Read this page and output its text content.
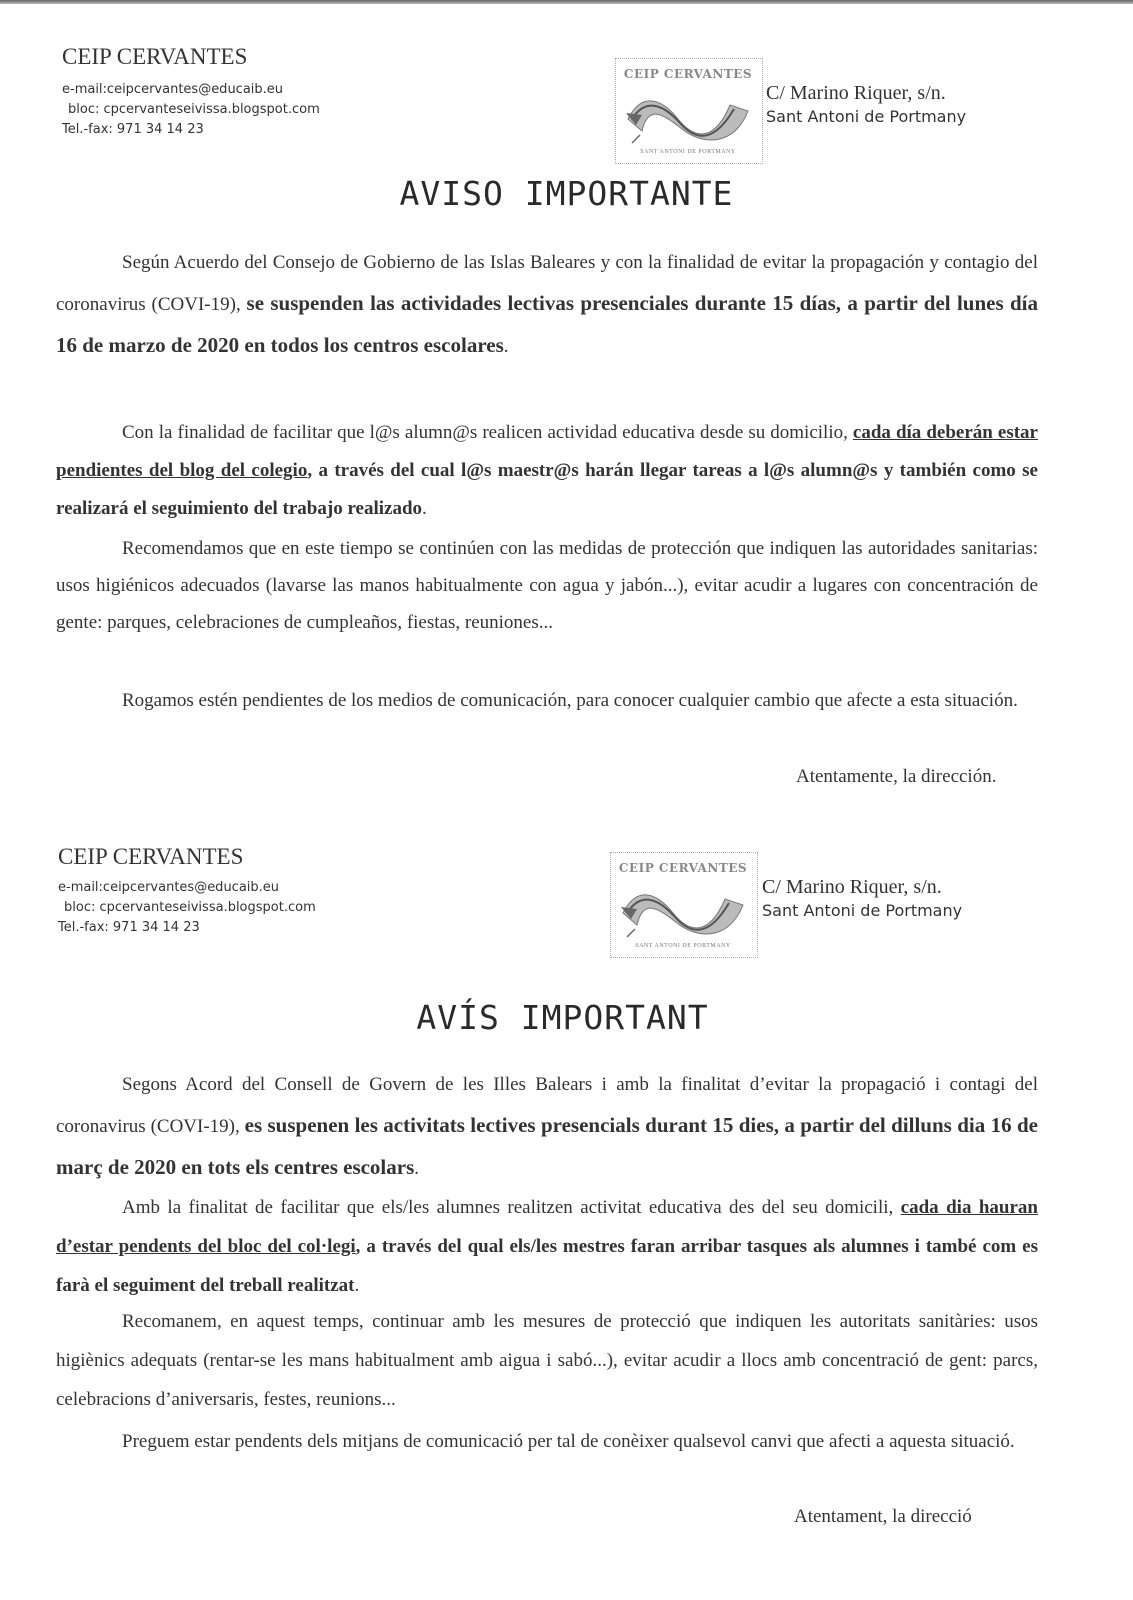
CEIP CERVANTES
e-mail:ceipcervantes@educaib.eu
bloc: cpcervanteseivissa.blogspot.com
Tel.-fax: 971 34 14 23
CEIP CERVANTES
SANT ANTONI DE PORTMANY
C/ Marino Riquer, s/n.
Sant Antoni de Portmany
AVISO IMPORTANTE

Según Acuerdo del Consejo de Gobierno de las Islas Baleares y con la finalidad de evitar la propagación y contagio del coronavirus (COVI-19), se suspenden las actividades lectivas presenciales durante 15 días, a partir del lunes día 16 de marzo de 2020 en todos los centros escolares.

Con la finalidad de facilitar que l@s alumn@s realicen actividad educativa desde su domicilio, cada día deberán estar pendientes del blog del colegio, a través del cual l@s maestr@s harán llegar tareas a l@s alumn@s y también como se realizará el seguimiento del trabajo realizado.

Recomendamos que en este tiempo se continúen con las medidas de protección que indiquen las autoridades sanitarias: usos higiénicos adecuados (lavarse las manos habitualmente con agua y jabón...), evitar acudir a lugares con concentración de gente: parques, celebraciones de cumpleaños, fiestas, reuniones...

Rogamos estén pendientes de los medios de comunicación, para conocer cualquier cambio que afecte a esta situación.

Atentamente, la dirección.
CEIP CERVANTES
e-mail:ceipcervantes@educaib.eu
bloc: cpcervanteseivissa.blogspot.com
Tel.-fax: 971 34 14 23
CEIP CERVANTES
SANT ANTONI DE PORTMANY
C/ Marino Riquer, s/n.
Sant Antoni de Portmany
AVÍS IMPORTANT

Segons Acord del Consell de Govern de les Illes Balears i amb la finalitat d’evitar la propagació i contagi del coronavirus (COVI-19), es suspenen les activitats lectives presencials durant 15 dies, a partir del dilluns dia 16 de març de 2020 en tots els centres escolars.

Amb la finalitat de facilitar que els/les alumnes realitzen activitat educativa des del seu domicili, cada dia hauran d’estar pendents del bloc del col·legi, a través del qual els/les mestres faran arribar tasques als alumnes i també com es farà el seguiment del treball realitzat.

Recomanem, en aquest temps, continuar amb les mesures de protecció que indiquen les autoritats sanitàries: usos higiènics adequats (rentar-se les mans habitualment amb aigua i sabó...), evitar acudir a llocs amb concentració de gent: parcs, celebracions d’aniversaris, festes, reunions...

Preguem estar pendents dels mitjans de comunicació per tal de conèixer qualsevol canvi que afecti a aquesta situació.

Atentament, la direcció
